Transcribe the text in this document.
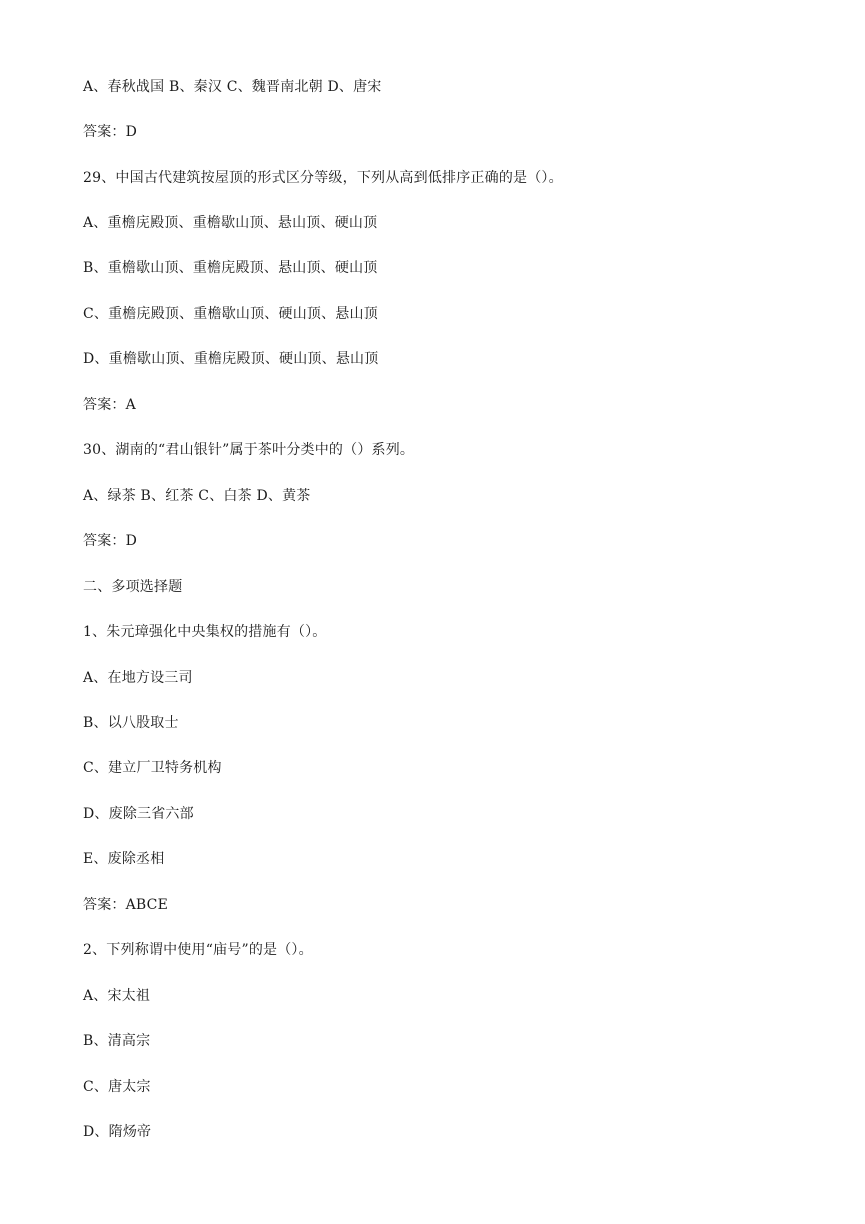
A、春秋战国 B、秦汉 C、魏晋南北朝 D、唐宋
答案：D
29、中国古代建筑按屋顶的形式区分等级，下列从高到低排序正确的是（）。
A、重檐庑殿顶、重檐歇山顶、悬山顶、硬山顶
B、重檐歇山顶、重檐庑殿顶、悬山顶、硬山顶
C、重檐庑殿顶、重檐歇山顶、硬山顶、悬山顶
D、重檐歇山顶、重檐庑殿顶、硬山顶、悬山顶
答案：A
30、湖南的“君山银针”属于茶叶分类中的（）系列。
A、绿茶 B、红茶 C、白茶 D、黄茶
答案：D
二、多项选择题
1、朱元璋强化中央集权的措施有（）。
A、在地方设三司
B、以八股取士
C、建立厂卫特务机构
D、废除三省六部
E、废除丞相
答案：ABCE
2、下列称谓中使用“庙号”的是（）。
A、宋太祖
B、清高宗
C、唐太宗
D、隋炀帝
